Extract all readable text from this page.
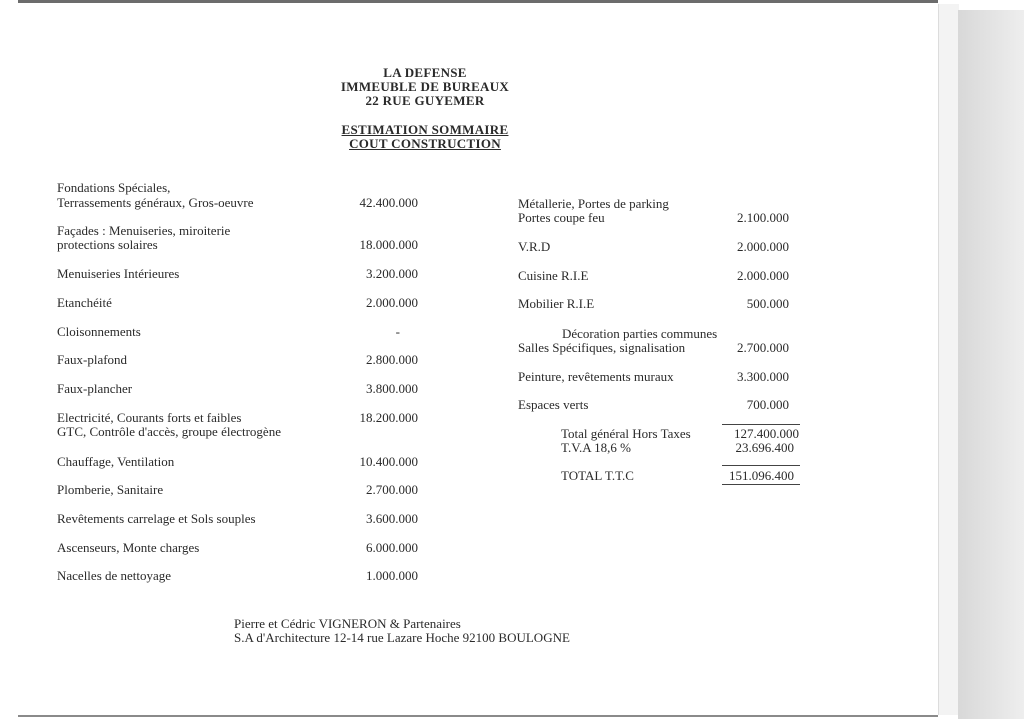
LA DEFENSE
IMMEUBLE DE BUREAUX
22 RUE GUYEMER
ESTIMATION SOMMAIRE
COUT CONSTRUCTION
Fondations Spéciales,
Terrassements généraux, Gros-oeuvre	42.400.000
Façades : Menuiseries, miroiterie
protections solaires	18.000.000
Menuiseries Intérieures	3.200.000
Etanchéité	2.000.000
Cloisonnements	-
Faux-plafond	2.800.000
Faux-plancher	3.800.000
Electricité, Courants forts et faibles
GTC, Contrôle d'accès, groupe électrogène
18.200.000
Chauffage, Ventilation	10.400.000
Plomberie, Sanitaire	2.700.000
Revêtements carrelage et Sols souples	3.600.000
Ascenseurs, Monte charges	6.000.000
Nacelles de nettoyage	1.000.000
Métallerie, Portes de parking
Portes coupe feu	2.100.000
V.R.D	2.000.000
Cuisine R.I.E	2.000.000
Mobilier R.I.E	500.000
Décoration parties communes
Salles Spécifiques, signalisation	2.700.000
Peinture, revêtements muraux	3.300.000
Espaces verts	700.000
Total général Hors Taxes	127.400.000
T.V.A 18,6 %	23.696.400
TOTAL T.T.C	151.096.400
Pierre et Cédric VIGNERON & Partenaires
S.A d'Architecture 12-14 rue Lazare Hoche 92100 BOULOGNE
